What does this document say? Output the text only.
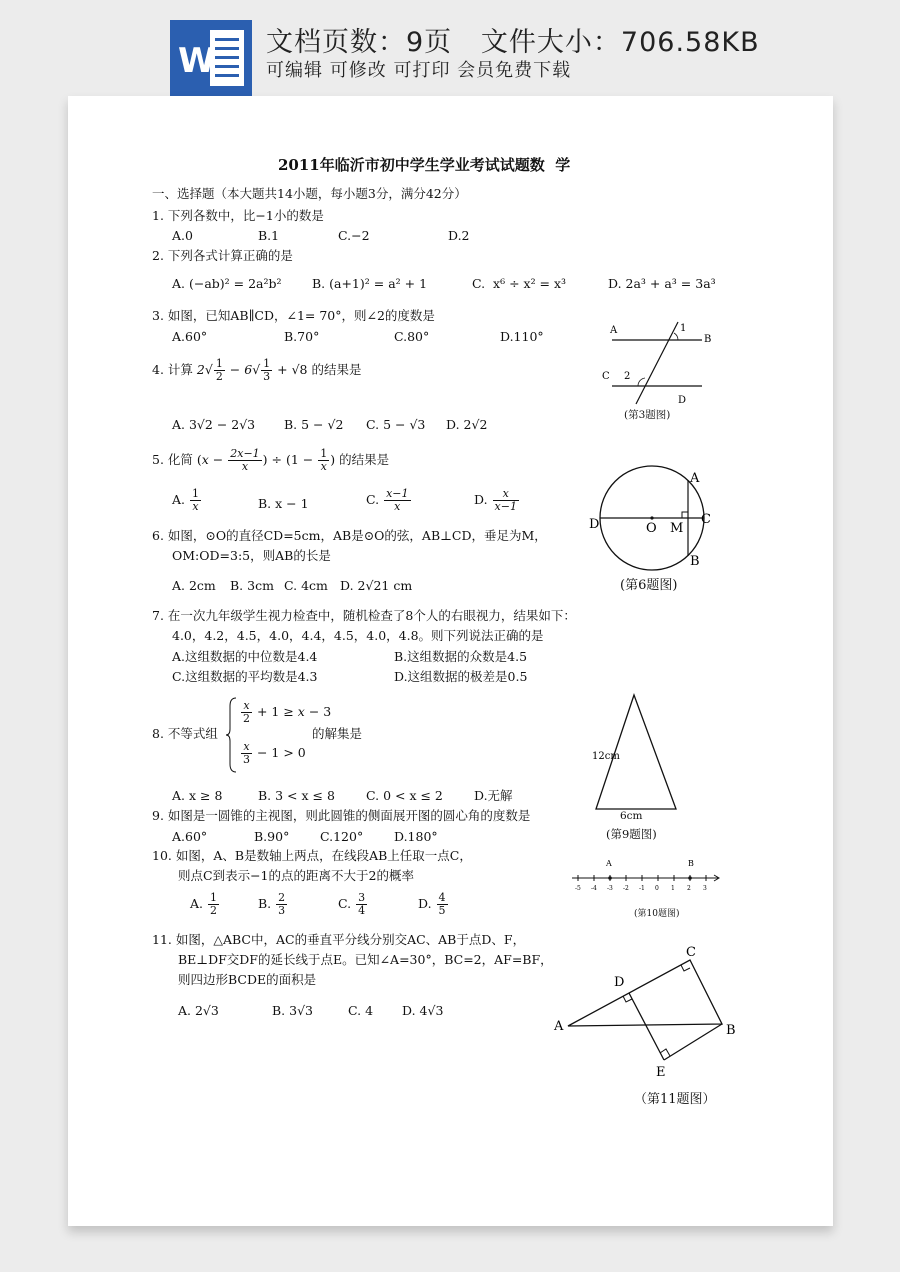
W 文档页数：9页   文件大小：706.58KB
可编辑 可修改 可打印 会员免费下载
2011年临沂市初中学生学业考试试题数  学
一、选择题（本大题共14小题，每小题3分，满分42分）
1. 下列各数中，比−1小的数是
A.0	B.1	C.−2	D.2
2. 下列各式计算正确的是
A. (−ab)² = 2a²b² B. (a+1)² = a² + 1	C.  x⁶ ÷ x² = x³	D. 2a³ + a³ = 3a³
3. 如图，已知AB∥CD，∠1= 70°，则∠2的度数是
A.60°	B.70°	C.80°	D.110°	A
B
1
C 2
D
(第3题图)
4. 计算 $2√ \frac{1}{2} - 6√ \frac{1}{3} + √8$ 的结果是
A. 3√2 − 2√3 B. 5 − √2 C. 5 − √3 D. 2√2
5. 化简 ($x - \frac{2x-1}{x}$ ) ÷ ($1 - \frac{1}{x}$ ) 的结果是
A. $\frac{1}{x}$	B. x − 1	C. $\frac{x-1}{x}$	D. $\frac{x}{x-1}$
A
B
C
D	O M
(第6题图)
6. 如图，⊙O的直径CD=5cm，AB是⊙O的弦，AB⊥CD，垂足为M，
OM:OD=3:5，则AB的长是
A. 2cm B. 3cm C. 4cm D. 2√21 cm
7. 在一次九年级学生视力检查中，随机检查了8个人的右眼视力，结果如下：
4.0，4.2，4.5，4.0，4.4，4.5，4.0，4.8。则下列说法正确的是
A.这组数据的中位数是4.4	B.这组数据的众数是4.5
C.这组数据的平均数是4.3	D.这组数据的极差是0.5
8. 不等式组
$\frac{x}{2} + 1 \ge x - 3$
$\frac{x}{3} - 1 > 0$
的解集是
A. x ≥ 8	B. 3 < x ≤ 8 C. 0 < x ≤ 2 D.无解
12cm
6cm
(第9题图)
9. 如图是一圆锥的主视图，则此圆锥的侧面展开图的圆心角的度数是
A.60°	B.90° C.120° D.180°
10. 如图，A、B是数轴上两点，在线段AB上任取一点C，
则点C到表示−1的点的距离不大于2的概率
A. $\frac{1}{2}$	B. $\frac{2}{3}$	C. $\frac{3}{4}$	D. $\frac{4}{5}$
-5 -4 -3 -2 -1 0 1 2 3
A	B
(第10题图)
11. 如图，△ABC中，AC的垂直平分线分别交AC、AB于点D、F，
BE⊥DF交DF的延长线于点E。已知∠A=30°，BC=2，AF=BF，
则四边形BCDE的面积是
A. 2√3	B. 3√3	C. 4 D. 4√3
A	B
C
D
E
（第11题图）
